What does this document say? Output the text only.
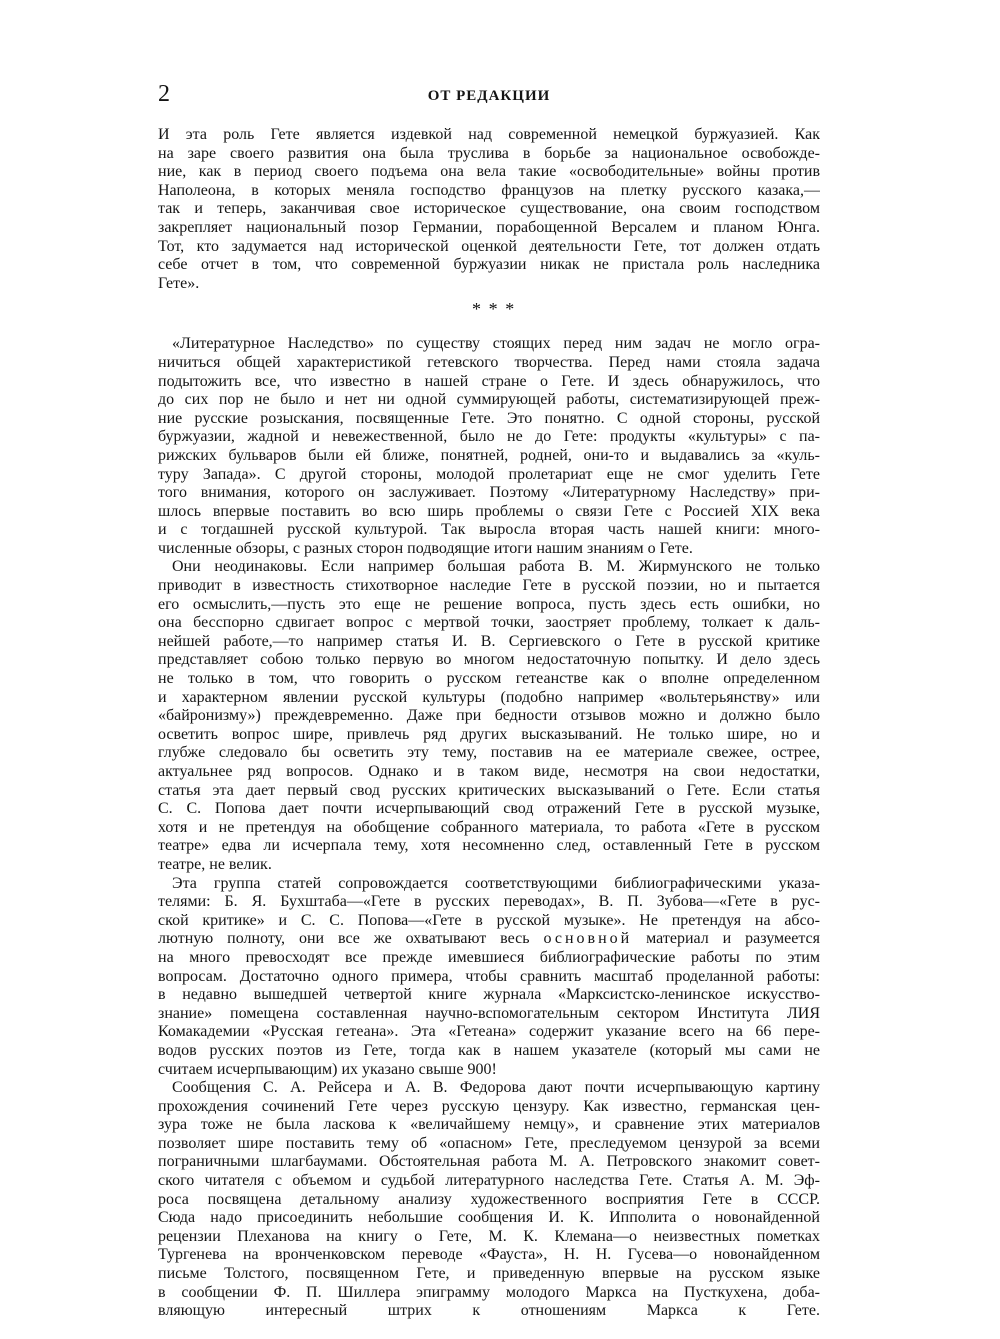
2	ОТ РЕДАКЦИИ
И эта роль Гете является издевкой над современной немецкой буржуазией. Как
на заре своего развития она была труслива в борьбе за национальное освобожде-
ние, как в период своего подъема она вела такие «освободительные» войны против
Наполеона, в которых меняла господство французов на плетку русского казака,—
так и теперь, заканчивая свое историческое существование, она своим господством
закрепляет национальный позор Германии, порабощенной Версалем и планом Юнга.
Тот, кто задумается над исторической оценкой деятельности Гете, тот должен отдать
себе отчет в том, что современной буржуазии никак не пристала роль наследника
Гете».
* * *
«Литературное Наследство» по существу стоящих перед ним задач не могло огра-
ничиться общей характеристикой гетевского творчества. Перед нами стояла задача
подытожить все, что известно в нашей стране о Гете. И здесь обнаружилось, что
до сих пор не было и нет ни одной суммирующей работы, систематизирующей преж-
ние русские розыскания, посвященные Гете. Это понятно. С одной стороны, русской
буржуазии, жадной и невежественной, было не до Гете: продукты «культуры» с па-
рижских бульваров были ей ближе, понятней, родней, они-то и выдавались за «куль-
туру Запада». С другой стороны, молодой пролетариат еще не смог уделить Гете
того внимания, которого он заслуживает. Поэтому «Литературному Наследству» при-
шлось впервые поставить во всю ширь проблемы о связи Гете с Россией XIX века
и с тогдашней русской культурой. Так выросла вторая часть нашей книги: много-
численные обзоры, с разных сторон подводящие итоги нашим знаниям о Гете.
Они неодинаковы. Если например большая работа В. М. Жирмунского не только
приводит в известность стихотворное наследие Гете в русской поэзии, но и пытается
его осмыслить,—пусть это еще не решение вопроса, пусть здесь есть ошибки, но
она бесспорно сдвигает вопрос с мертвой точки, заостряет проблему, толкает к даль-
нейшей работе,—то например статья И. В. Сергиевского о Гете в русской критике
представляет собою только первую во многом недостаточную попытку. И дело здесь
не только в том, что говорить о русском гетеанстве как о вполне определенном
и характерном явлении русской культуры (подобно например «вольтерьянству» или
«байронизму») преждевременно. Даже при бедности отзывов можно и должно было
осветить вопрос шире, привлечь ряд других высказываний. Не только шире, но и
глубже следовало бы осветить эту тему, поставив на ее материале свежее, острее,
актуальнее ряд вопросов. Однако и в таком виде, несмотря на свои недостатки,
статья эта дает первый свод русских критических высказываний о Гете. Если статья
С. С. Попова дает почти исчерпывающий свод отражений Гете в русской музыке,
хотя и не претендуя на обобщение собранного материала, то работа «Гете в русском
театре» едва ли исчерпала тему, хотя несомненно след, оставленный Гете в русском
театре, не велик.
Эта группа статей сопровождается соответствующими библиографическими указа-
телями: Б. Я. Бухштаба—«Гете в русских переводах», В. П. Зубова—«Гете в рус-
ской критике» и С. С. Попова—«Гете в русской музыке». Не претендуя на абсо-
лютную полноту, они все же охватывают весь основной материал и разумеется
на много превосходят все прежде имевшиеся библиографические работы по этим
вопросам. Достаточно одного примера, чтобы сравнить масштаб проделанной работы:
в недавно вышедшей четвертой книге журнала «Марксистско-ленинское искусство-
знание» помещена составленная научно-вспомогательным сектором Института ЛИЯ
Комакадемии «Русская гетеана». Эта «Гетеана» содержит указание всего на 66 пере-
водов русских поэтов из Гете, тогда как в нашем указателе (который мы сами не
считаем исчерпывающим) их указано свыше 900!
Сообщения С. А. Рейсера и А. В. Федорова дают почти исчерпывающую картину
прохождения сочинений Гете через русскую цензуру. Как известно, германская цен-
зура тоже не была ласкова к «величайшему немцу», и сравнение этих материалов
позволяет шире поставить тему об «опасном» Гете, преследуемом цензурой за всеми
пограничными шлагбаумами. Обстоятельная работа М. А. Петровского знакомит совет-
ского читателя с объемом и судьбой литературного наследства Гете. Статья А. М. Эф-
роса посвящена детальному анализу художественного восприятия Гете в СССР.
Сюда надо присоединить небольшие сообщения И. К. Ипполита о новонайденной
рецензии Плеханова на книгу о Гете, М. К. Клемана—о неизвестных пометках
Тургенева на вронченковском переводе «Фауста», Н. Н. Гусева—о новонайденном
письме Толстого, посвященном Гете, и приведенную впервые на русском языке
в сообщении Ф. П. Шиллера эпиграмму молодого Маркса на Пусткухена, доба-
вляющую интересный штрих к отношениям Маркса к Гете.
